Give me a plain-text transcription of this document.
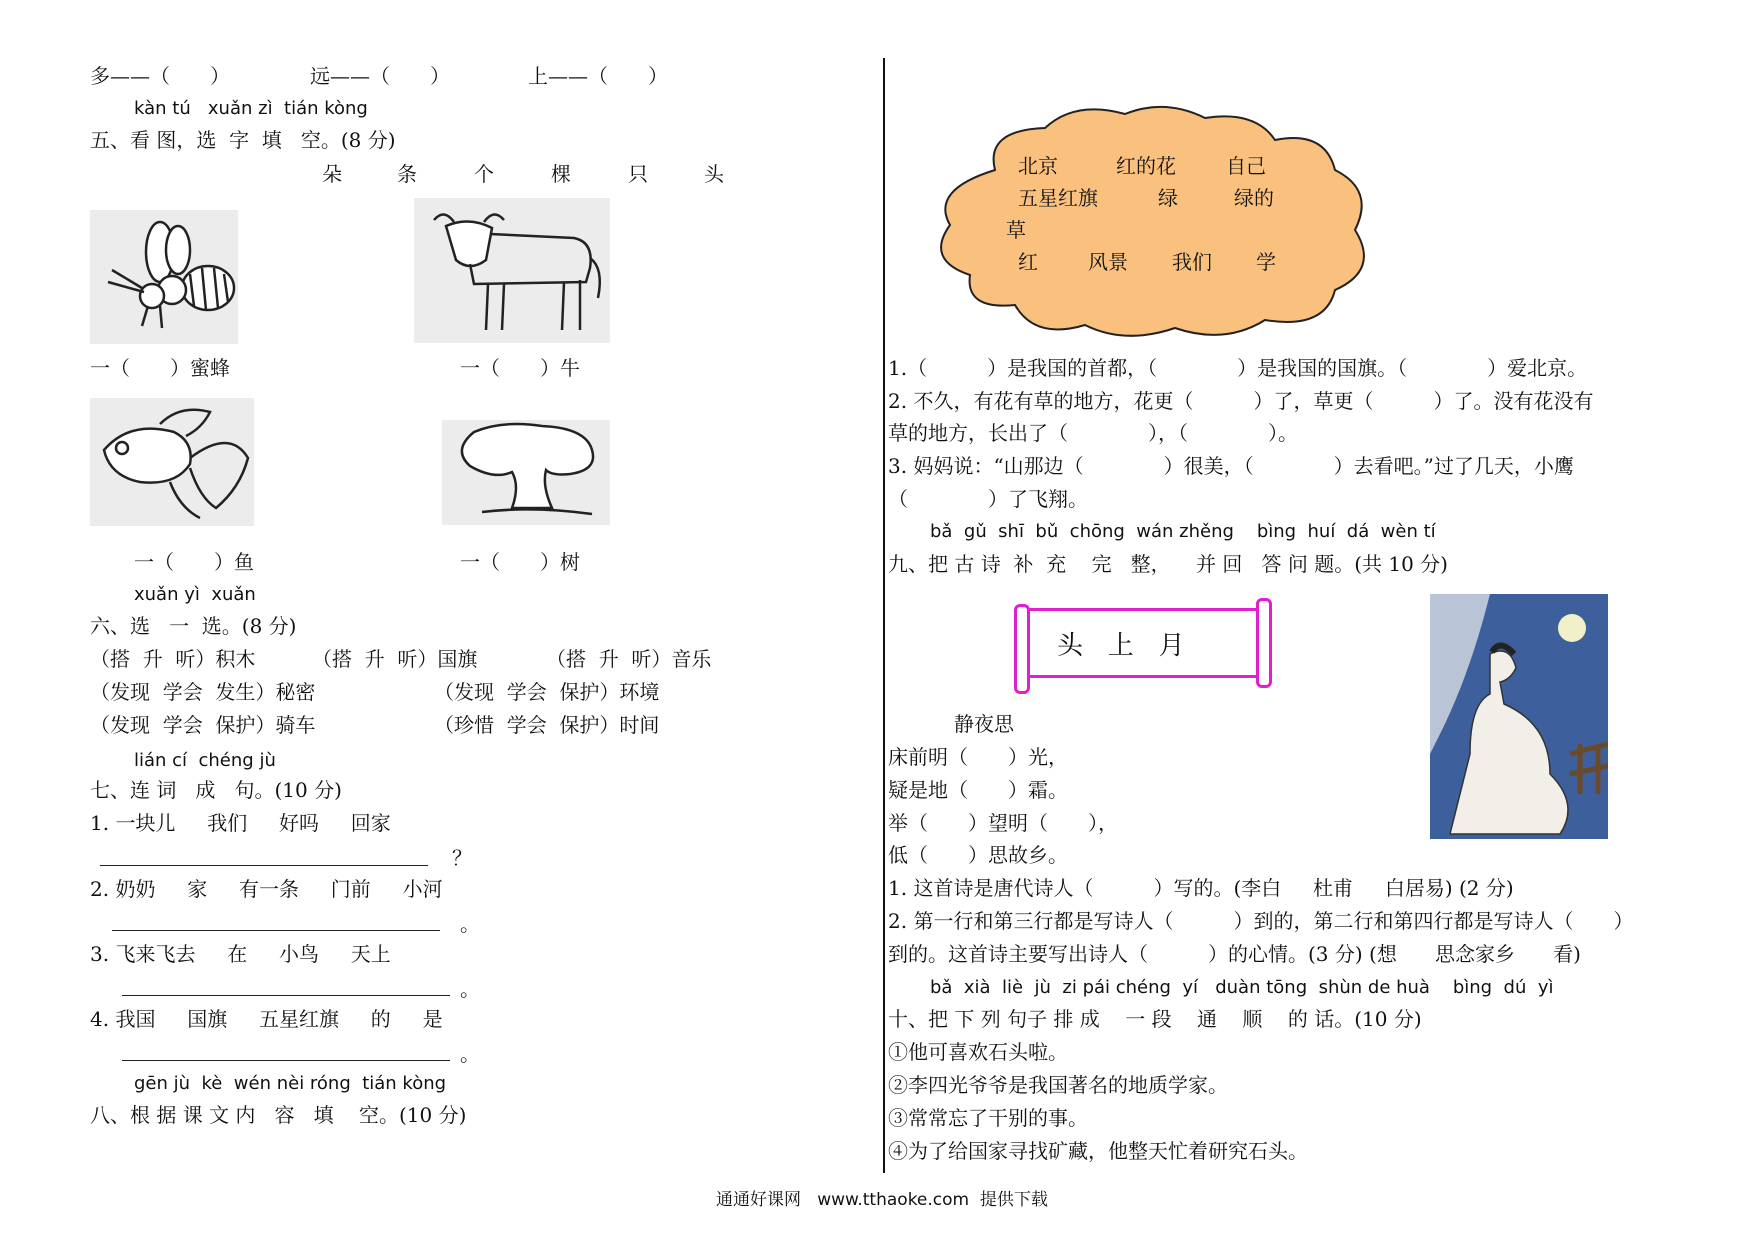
多——（　　）	远——（　　）	上——（　　）
kàn tú   xuǎn zì  tián kòng
五、看 图，选  字  填   空。(8 分)
朵	条	个	棵	只	头
一（　　）蜜蜂	一（　　）牛
一（　　）鱼	一（　　）树
xuǎn yì  xuǎn
六、选   一  选。(8 分)
（搭  升  听）积木	（搭  升  听）国旗	（搭  升  听）音乐
（发现  学会  发生）秘密	（发现  学会  保护）环境
（发现  学会  保护）骑车	（珍惜  学会  保护）时间
lián cí  chéng jù
七、连 词   成   句。(10 分)
1. 一块儿     我们     好吗     回家
？
2. 奶奶     家     有一条     门前     小河
。
3. 飞来飞去     在     小鸟     天上
。
4. 我国     国旗     五星红旗     的     是
。
gēn jù  kè  wén nèi róng  tián kòng
八、根 据 课 文 内   容   填    空。(10 分)
北京	红的花	自己
五星红旗	绿	绿的
草
红	风景 我们 学
1.（　　　）是我国的首都，（　　　　）是我国的国旗。（　　　　）爱北京。
2. 不久，有花有草的地方，花更（　　　）了，草更（　　　）了。没有花没有
草的地方，长出了（　　　　），（　　　　）。
3. 妈妈说：“山那边（　　　　）很美，（　　　　）去看吧。”过了几天，小鹰
（　　　　）了飞翔。
bǎ  gǔ  shī  bǔ  chōng  wán zhěng    bìng  huí  dá  wèn tí
九、把 古 诗  补  充    完   整，    并 回   答 问 题。(共 10 分)
头   上   月
静夜思
床前明（　　）光，
疑是地（　　）霜。
举（　　）望明（　　），
低（　　）思故乡。
1. 这首诗是唐代诗人（　　　）写的。(李白     杜甫     白居易) (2 分)
2. 第一行和第三行都是写诗人（　　　）到的，第二行和第四行都是写诗人（　　）
到的。这首诗主要写出诗人（　　　）的心情。(3 分) (想      思念家乡      看)
bǎ  xià  liè  jù  zi pái chéng  yí   duàn tōng  shùn de huà    bìng  dú  yì
十、把 下 列 句子 排 成    一 段    通    顺    的 话。(10 分)
①他可喜欢石头啦。
②李四光爷爷是我国著名的地质学家。
③常常忘了干别的事。
④为了给国家寻找矿藏，他整天忙着研究石头。
通通好课网   www.tthaoke.com  提供下载
